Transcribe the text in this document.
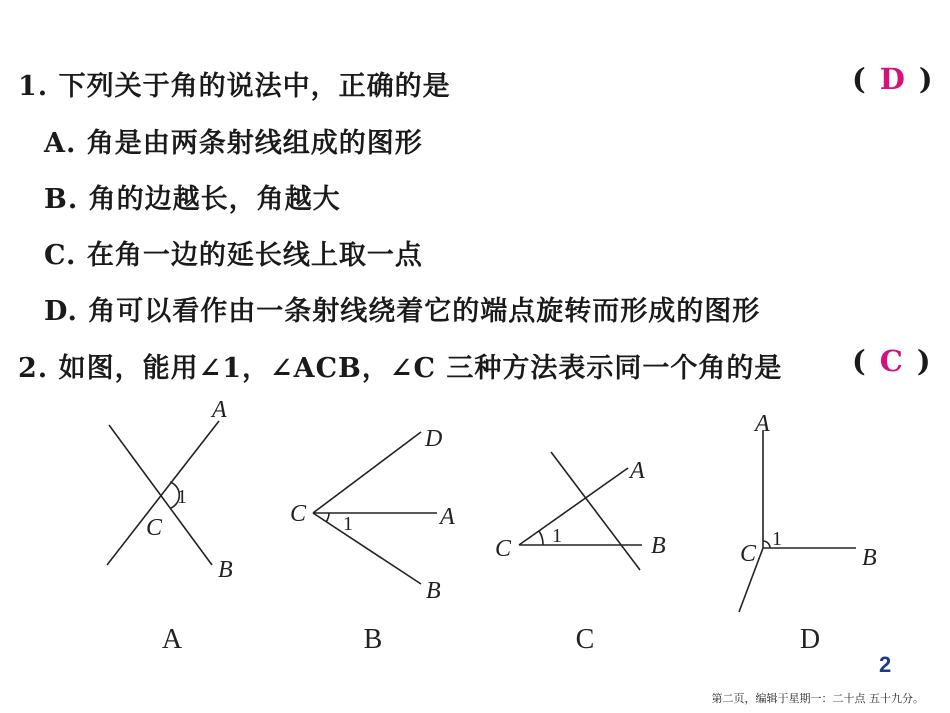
1. 下列关于角的说法中，正确的是	( D )
A. 角是由两条射线组成的图形
B. 角的边越长，角越大
C. 在角一边的延长线上取一点
D. 角可以看作由一条射线绕着它的端点旋转而形成的图形
2. 如图，能用∠1，∠ACB，∠C 三种方法表示同一个角的是 ( C )
A
B
C
1
D
A
B
C 1
A
B
C 1
A
B
C
1
A	B	C	D
2
第二页，编辑于星期一：二十点 五十九分。
